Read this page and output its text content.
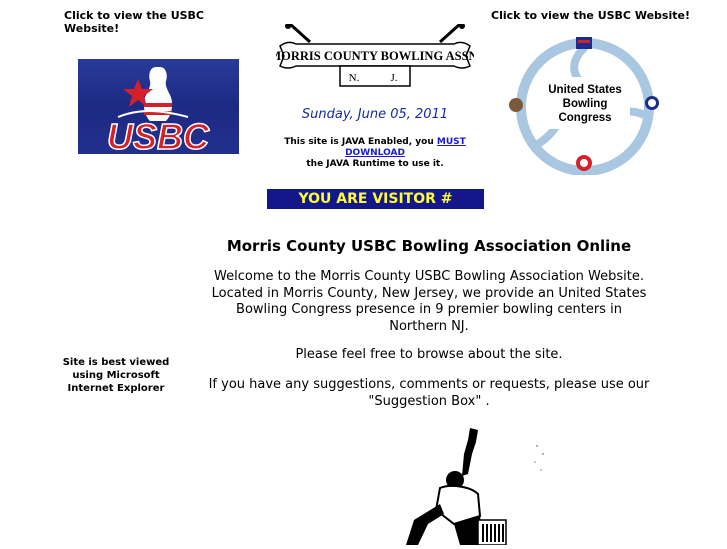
Click to view the USBC Website!
Click to view the USBC Website!
USBC
MORRIS COUNTY BOWLING ASSN.
N.	J.
Sunday, June 05, 2011
This site is JAVA Enabled, you MUST DOWNLOAD
the JAVA Runtime to use it.
United States
Bowling
Congress
YOU ARE VISITOR #
Morris County USBC Bowling Association Online
Welcome to the Morris County USBC Bowling Association Website.
Located in Morris County, New Jersey, we provide an United States
Bowling Congress presence in 9 premier bowling centers in
Northern NJ.
Please feel free to browse about the site.
If you have any suggestions, comments or requests, please use our
"Suggestion Box" .
Site is best viewed
using Microsoft
Internet Explorer
